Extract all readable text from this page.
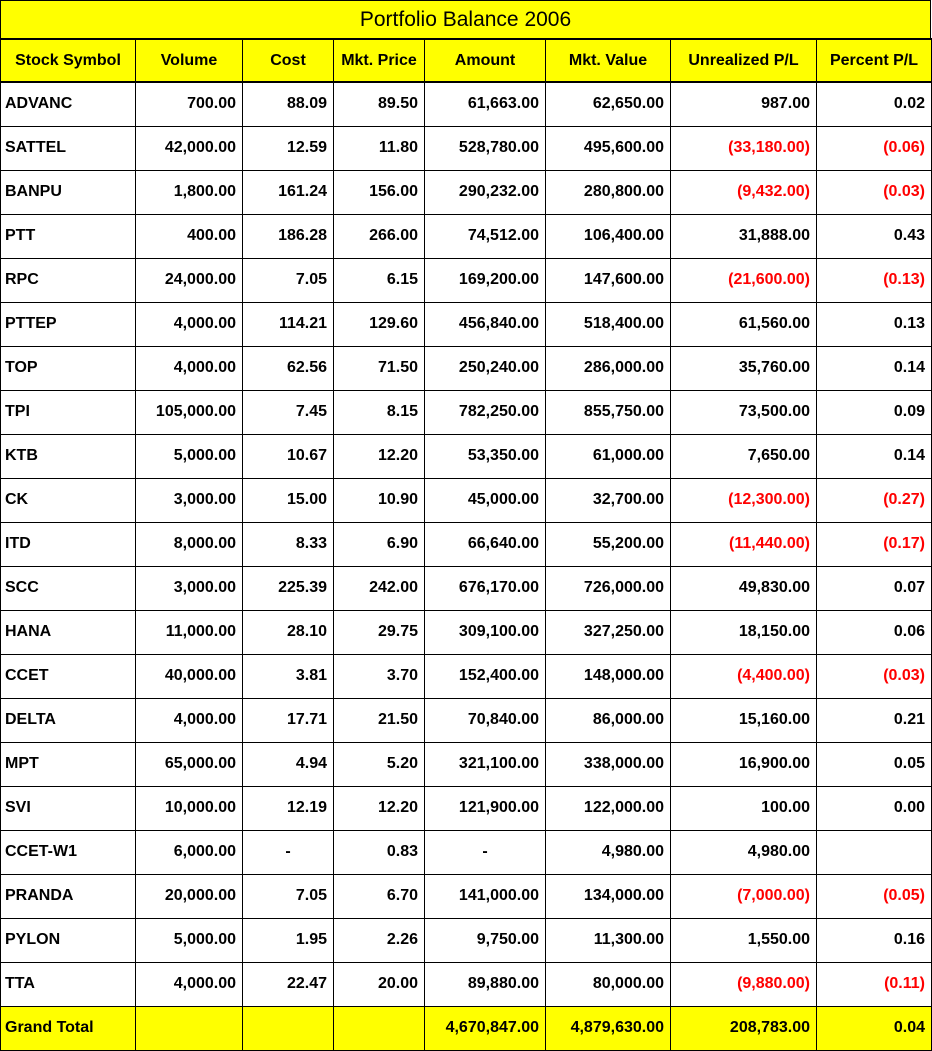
Portfolio Balance 2006
Stock Symbol	Volume	Cost	Mkt. Price	Amount	Mkt. Value	Unrealized P/L	Percent P/L
ADVANC	700.00	88.09	89.50	61,663.00	62,650.00	987.00	0.02
SATTEL	42,000.00	12.59	11.80	528,780.00	495,600.00	(33,180.00)	(0.06)
BANPU	1,800.00	161.24	156.00	290,232.00	280,800.00	(9,432.00)	(0.03)
PTT	400.00	186.28	266.00	74,512.00	106,400.00	31,888.00	0.43
RPC	24,000.00	7.05	6.15	169,200.00	147,600.00	(21,600.00)	(0.13)
PTTEP	4,000.00	114.21	129.60	456,840.00	518,400.00	61,560.00	0.13
TOP	4,000.00	62.56	71.50	250,240.00	286,000.00	35,760.00	0.14
TPI	105,000.00	7.45	8.15	782,250.00	855,750.00	73,500.00	0.09
KTB	5,000.00	10.67	12.20	53,350.00	61,000.00	7,650.00	0.14
CK	3,000.00	15.00	10.90	45,000.00	32,700.00	(12,300.00)	(0.27)
ITD	8,000.00	8.33	6.90	66,640.00	55,200.00	(11,440.00)	(0.17)
SCC	3,000.00	225.39	242.00	676,170.00	726,000.00	49,830.00	0.07
HANA	11,000.00	28.10	29.75	309,100.00	327,250.00	18,150.00	0.06
CCET	40,000.00	3.81	3.70	152,400.00	148,000.00	(4,400.00)	(0.03)
DELTA	4,000.00	17.71	21.50	70,840.00	86,000.00	15,160.00	0.21
MPT	65,000.00	4.94	5.20	321,100.00	338,000.00	16,900.00	0.05
SVI	10,000.00	12.19	12.20	121,900.00	122,000.00	100.00	0.00
CCET-W1	6,000.00	-	0.83	-	4,980.00	4,980.00	
PRANDA	20,000.00	7.05	6.70	141,000.00	134,000.00	(7,000.00)	(0.05)
PYLON	5,000.00	1.95	2.26	9,750.00	11,300.00	1,550.00	0.16
TTA	4,000.00	22.47	20.00	89,880.00	80,000.00	(9,880.00)	(0.11)
Grand Total				4,670,847.00	4,879,630.00	208,783.00	0.04
